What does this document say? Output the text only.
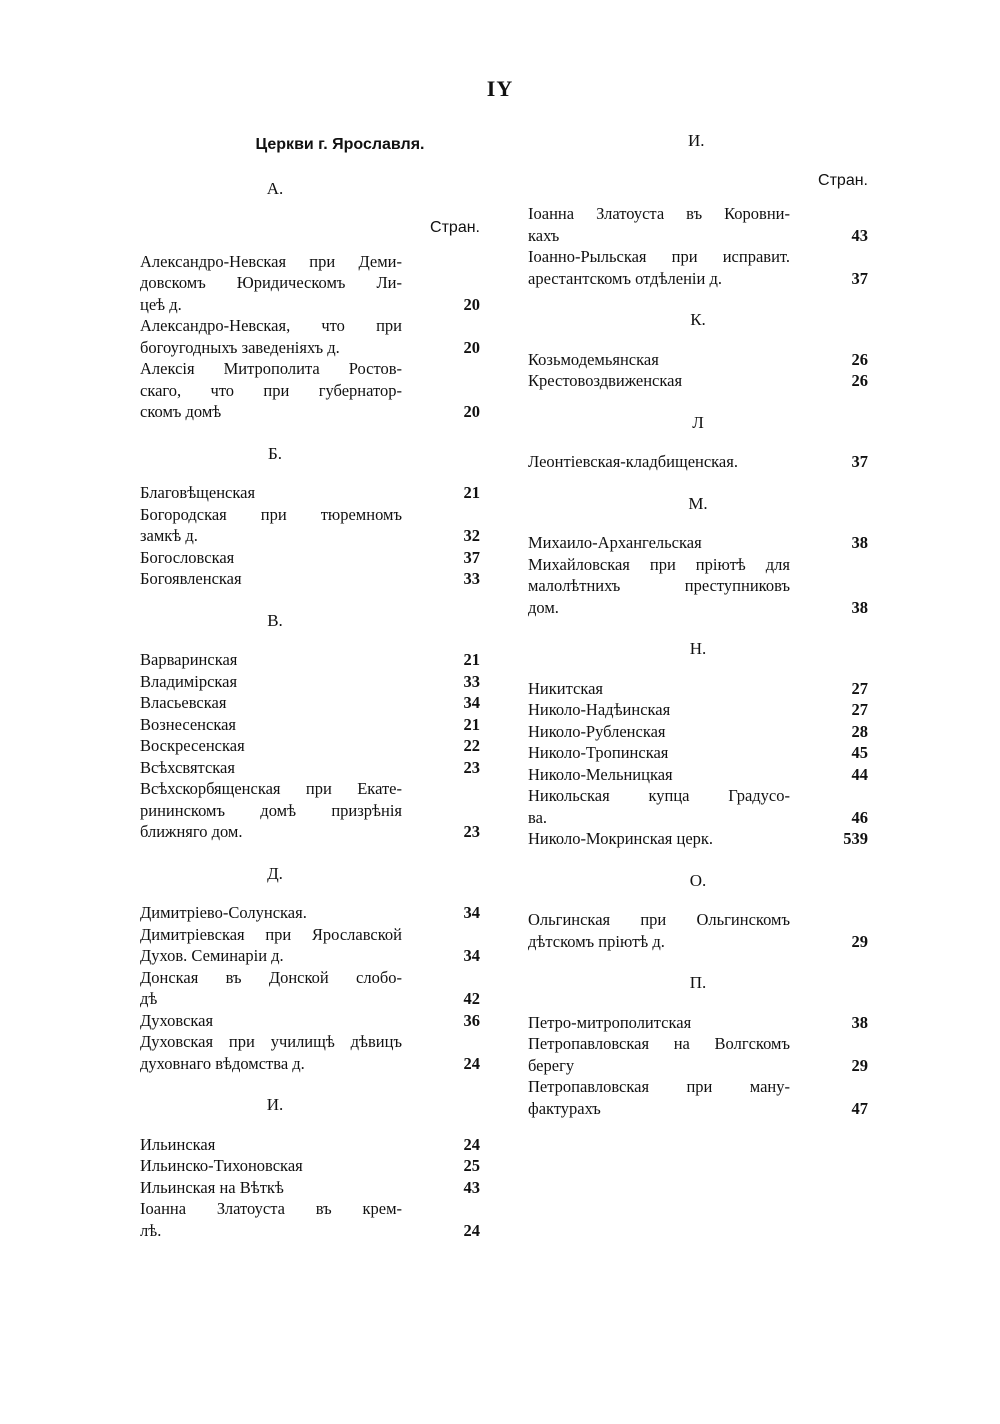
IY
Церкви г. Ярославля.
А.
Стран.
Александро-Невская при Деми-
довскомъ Юридическомъ Ли-
цеѣ д.	20
Александро-Невская, что при
богоугодныхъ заведеніяхъ д.	20
Алексія Митрополита Ростов-
скаго, что при губернатор-
скомъ домѣ	20
Б.
Благовѣщенская	21
Богородская при тюремномъ
замкѣ д.	32
Богословская	37
Богоявленская	33
В.
Варваринская	21
Владимірская	33
Власьевская	34
Вознесенская	21
Воскресенская	22
Всѣхсвятская	23
Всѣхскорбященская при Екате-
рининскомъ домѣ призрѣнія
ближняго дом.	23
Д.
Димитріево-Солунская.	34
Димитріевская при Ярославской
Духов. Семинаріи д.	34
Донская въ Донской слобо-
дѣ	42
Духовская	36
Духовская при училищѣ дѣвицъ
духовнаго вѣдомства д.	24
И.
Ильинская	24
Ильинско-Тихоновская	25
Ильинская на Вѣткѣ	43
Іоанна Златоуста въ крем-
лѣ.	24
И.
Стран.
Іоанна Златоуста въ Коровни-
кахъ	43
Іоанно-Рыльская при исправит.
арестантскомъ отдѣленіи д.	37
К.
Козьмодемьянская	26
Крестовоздвиженская	26
Л
Леонтіевская-кладбищенская.	37
М.
Михаило-Архангельская	38
Михайловская при пріютѣ для
малолѣтнихъ преступниковъ
дом.	38
Н.
Никитская	27
Николо-Надѣинская	27
Николо-Рубленская	28
Николо-Тропинская	45
Николо-Мельницкая	44
Никольская купца Градусо-
ва.	46
Николо-Мокринская церк.	539
О.
Ольгинская при Ольгинскомъ
дѣтскомъ пріютѣ д.	29
П.
Петро-митрополитская	38
Петропавловская на Волгскомъ
берегу	29
Петропавловская при ману-
фактурахъ	47
